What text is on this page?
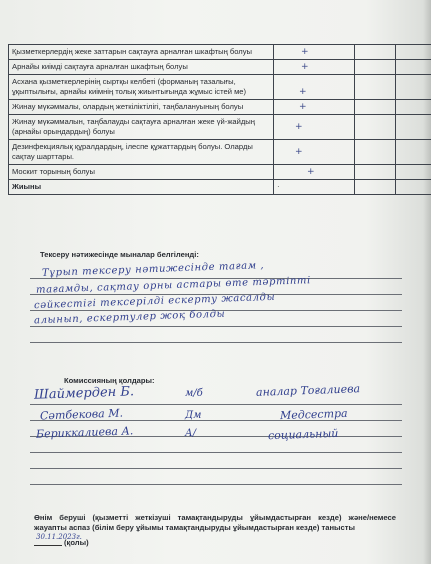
Қызметкерлердің жеке заттарын сақтауға арналған шкафтың болуы	+		
Арнайы киімді сақтауға арналған шкафтың болуы	+		
Асхана қызметкерлерінің сыртқы келбеті (форманың тазалығы, ұқыптылығы, арнайы киімнің толық жиынтығында жұмыс істей ме)	+		
Жинау мүкәммалы, олардың жеткіліктілігі, таңбалануының болуы	+		
Жинау мүкәммалын, таңбалауды сақтауға арналған жеке үй-жайдың (арнайы орындардың) болуы	+		
Дезинфекциялық құралдардың, ілеспе құжаттардың болуы. Оларды сақтау шарттары.	+		
Москит торының болуы	+		
Жиыны	·		
Тексеру нәтижесінде мыналар белгіленді:
Тұрып тексеру нәтижесінде тағам ,
тағамды, сақтау орны астары өте тәртіпті
сәйкестігі тексерілді ескерту жасалды
алынып, ескертулер жоқ болды
Комиссияның қолдары:
Шаймерден Б.	м/б	аналар Тоғалиева
Сәтбекова М.	Дм	Медсестра
Бериккалиева А.	А/	социальный
Өнім беруші (қызметті жеткізуші тамақтандыруды ұйымдастырған кезде) және/немесе жауапты аспаз (білім беру ұйымы тамақтандыруды ұйымдастырған кезде) танысты
30.11.2023г.
(қолы)
